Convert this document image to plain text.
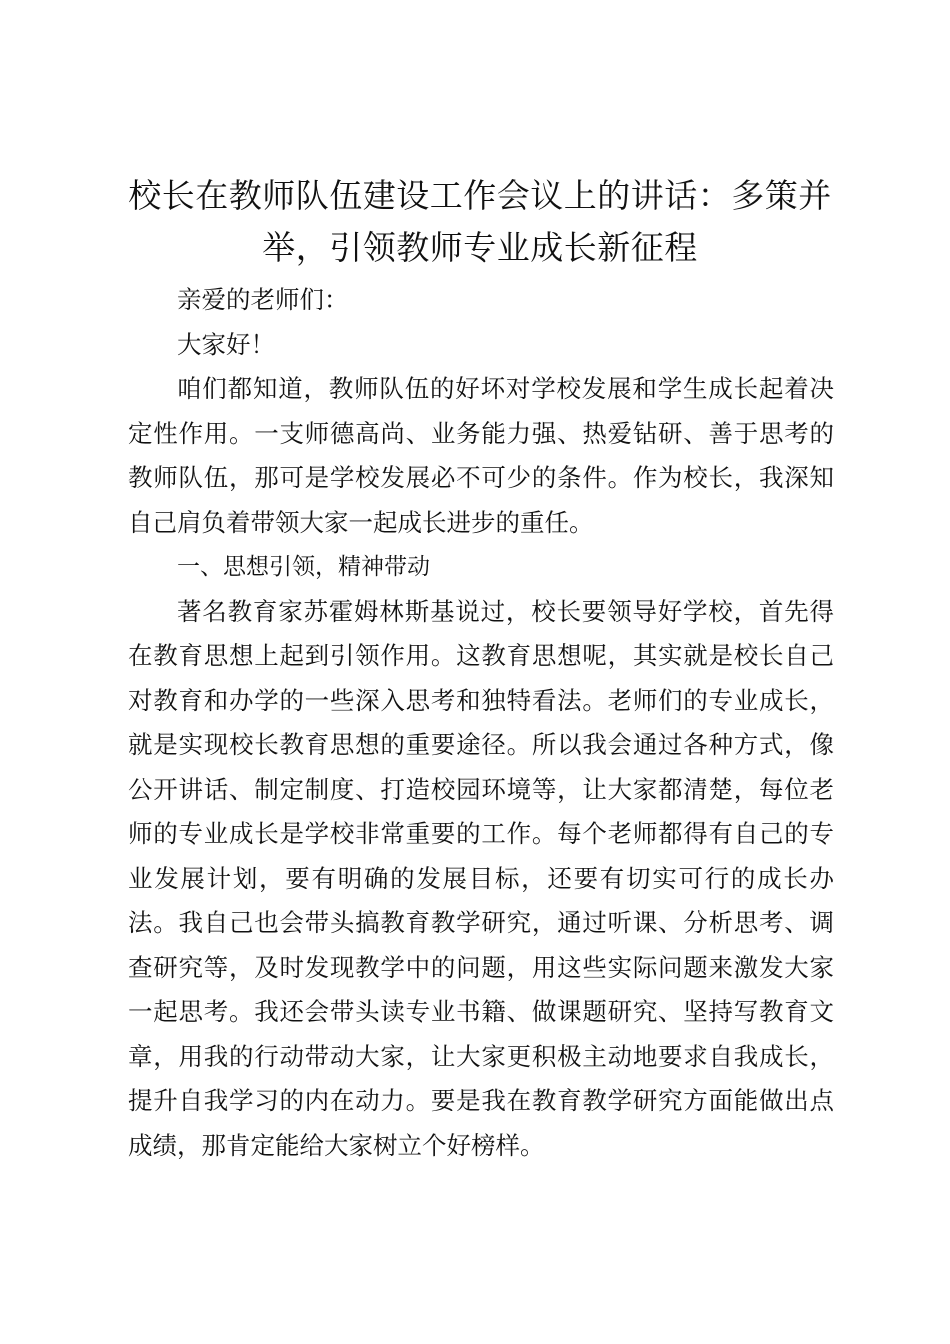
校长在教师队伍建设工作会议上的讲话：多策并举，引领教师专业成长新征程

亲爱的老师们：

大家好！

咱们都知道，教师队伍的好坏对学校发展和学生成长起着决定性作用。一支师德高尚、业务能力强、热爱钻研、善于思考的教师队伍，那可是学校发展必不可少的条件。作为校长，我深知自己肩负着带领大家一起成长进步的重任。

一、思想引领，精神带动

著名教育家苏霍姆林斯基说过，校长要领导好学校，首先得在教育思想上起到引领作用。这教育思想呢，其实就是校长自己对教育和办学的一些深入思考和独特看法。老师们的专业成长，就是实现校长教育思想的重要途径。所以我会通过各种方式，像公开讲话、制定制度、打造校园环境等，让大家都清楚，每位老师的专业成长是学校非常重要的工作。每个老师都得有自己的专业发展计划，要有明确的发展目标，还要有切实可行的成长办法。我自己也会带头搞教育教学研究，通过听课、分析思考、调查研究等，及时发现教学中的问题，用这些实际问题来激发大家一起思考。我还会带头读专业书籍、做课题研究、坚持写教育文章，用我的行动带动大家，让大家更积极主动地要求自我成长，提升自我学习的内在动力。要是我在教育教学研究方面能做出点成绩，那肯定能给大家树立个好榜样。
